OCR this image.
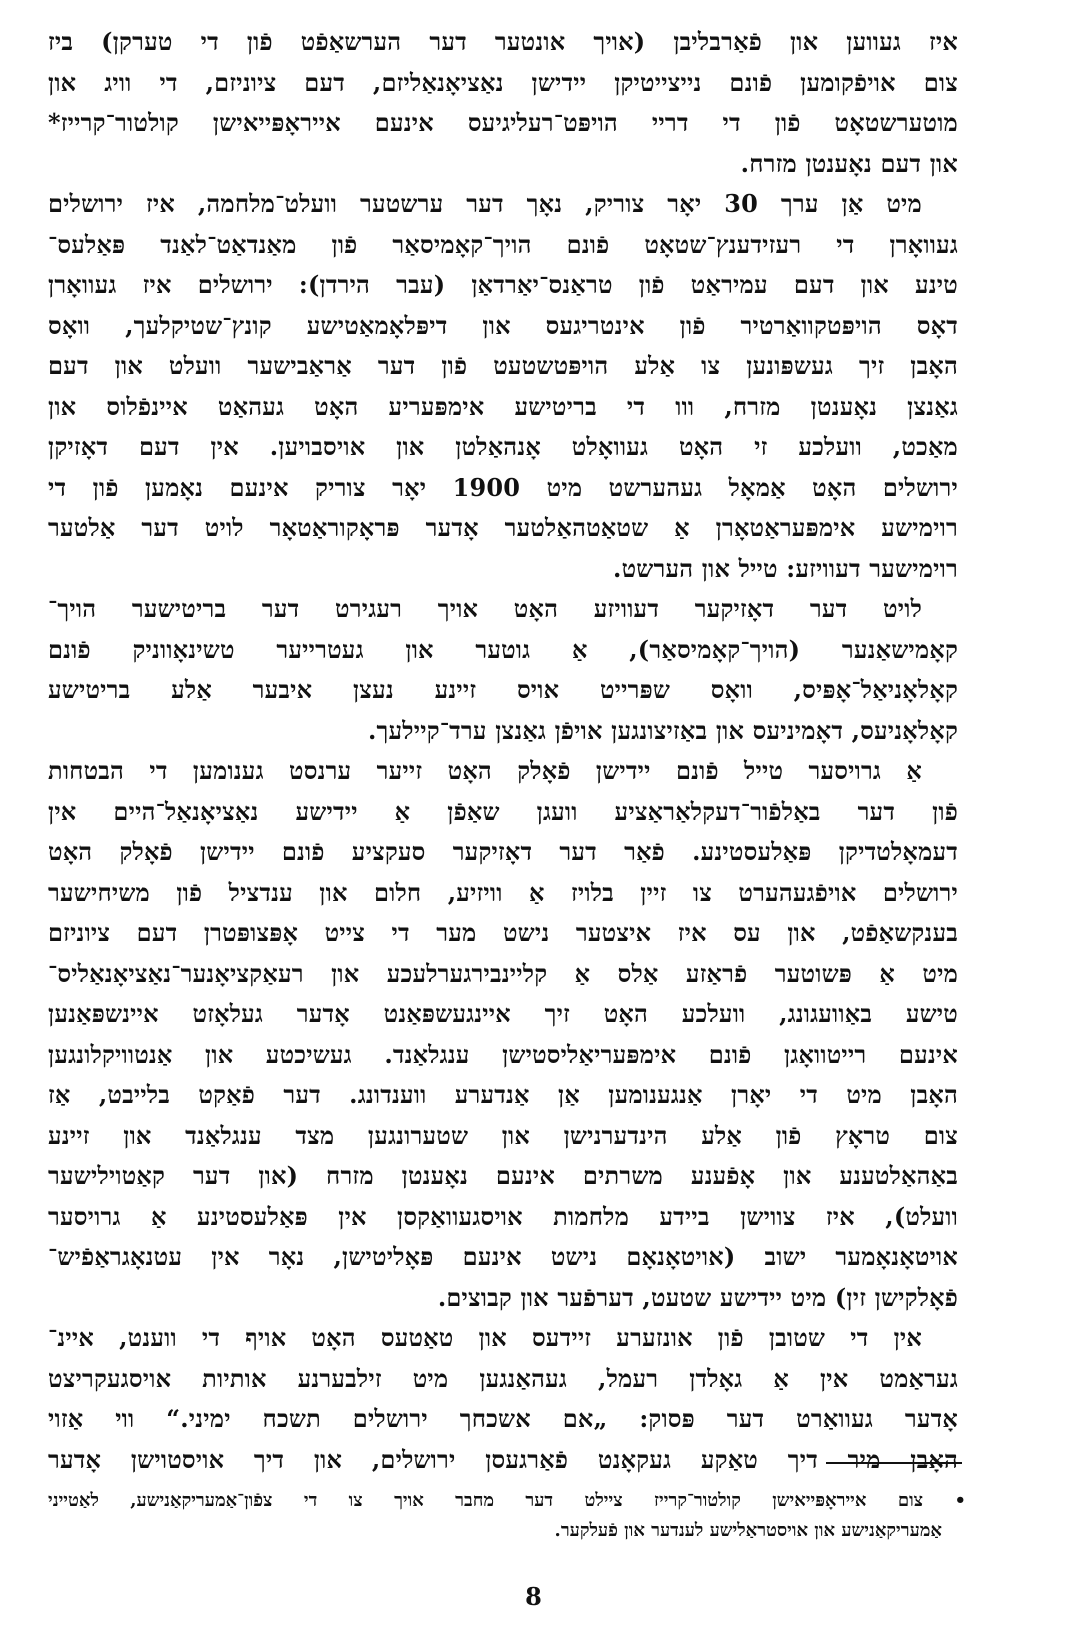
איז געווען און פֿאַרבליבן (אויך אונטער דער הערשאַפֿט פֿון די טערקן) ביז
צום אויפֿקומען פֿונם נייצייטיקן יידישן נאַציאָנאַליזם, דעם ציוניזם, די וויג און
מוטערשטאָט פֿון די דריי הויפּט־רעליגיעס אינעם אייראָפּייאישן קולטור־קרייז*
און דעם נאָענטן מזרח.
מיט אַן ערך 30 יאָר צוריק, נאָך דער ערשטער וועלט־מלחמה, איז ירושלים
געוואָרן די רעזידענץ־שטאָט פֿונם הויך־קאָמיסאַר פֿון מאַנדאַט־לאַנד פּאַלעס־
טינע און דעם עמיראַט פֿון טראַנס־יאַרדאַן (עבר הירדן): ירושלים איז געוואָרן
דאָס הויפּטקוואַרטיר פֿון אינטריגעס און דיפּלאָמאַטישע קונץ־שטיקלעך, וואָס
האָבן זיך געשפּונען צו אַלע הויפּטשטעט פֿון דער אַראַבישער וועלט און דעם
גאַנצן נאָענטן מזרח, ווו די בריטישע אימפּעריע האָט געהאַט איינפֿלוס און
מאַכט, וועלכע זי האָט געוואָלט אָנהאַלטן און אויסבויען. אין דעם דאָזיקן
ירושלים האָט אַמאָל געהערשט מיט 1900 יאָר צוריק אינעם נאָמען פֿון די
רוימישע אימפּעראַטאָרן אַ שטאַטהאַלטער אָדער פּראָקוראַטאָר לויט דער אַלטער
רוימישער דעוויזע: טייל און הערשט.
לויט דער דאָזיקער דעוויזע האָט אויך רעגירט דער בריטישער הויך־
קאָמישאַנער (הויך־קאָמיסאַר), אַ גוטער און געטרייער טשינאָווניק פֿונם
קאָלאָניאַל־אָפּיס, וואָס שפּרייט אויס זיינע נעצן איבער אַלע בריטישע
קאָלאָניעס, דאָמיניעס און באַזיצונגען אויפֿן גאַנצן ערד־קיילעך.
אַ גרויסער טייל פֿונם יידישן פֿאָלק האָט זייער ערנסט גענומען די הבטחות
פֿון דער באַלפֿור־דעקלאַראַציע וועגן שאַפֿן אַ יידישע נאַציאָנאַל־היים אין
דעמאָלטדיקן פּאַלעסטינע. פֿאַר דער דאָזיקער סעקציע פֿונם יידישן פֿאָלק האָט
ירושלים אויפֿגעהערט צו זיין בלויז אַ וויזיע, חלום און ענדציל פֿון משיחישער
בענקשאַפֿט, און עס איז איצטער נישט מער די צייט אָפּצופּטרן דעם ציוניזם
מיט אַ פּשוטער פֿראַזע אַלס אַ קליינבירגערלעכע און רעאַקציאָנער־נאַציאָנאַליס־
טישע באַוועגונג, וועלכע האָט זיך איינגעשפּאַנט אָדער געלאָזט איינשפּאַנען
אינעם רייטוואָגן פֿונם אימפּעריאַליסטישן ענגלאַנד. געשיכטע און אַנטוויקלונגען
האָבן מיט די יאָרן אַנגענומען אַן אַנדערע ווענדונג. דער פֿאַקט בלייבט, אַז
צום טראָץ פֿון אַלע הינדערנישן און שטערונגען מצד ענגלאַנד און זיינע
באַהאַלטענע און אָפֿענע משרתים אינעם נאָענטן מזרח (און דער קאַטוילישער
וועלט), איז צווישן ביידע מלחמות אויסגעוואַקסן אין פּאַלעסטינע אַ גרויסער
אויטאָנאָמער ישוב (אויטאָנאָם נישט אינעם פּאָליטישן, נאָר אין עטנאָגראַפֿיש־
פֿאָלקישן זין) מיט יידישע שטעט, דערפֿער און קבוצים.
אין די שטובן פֿון אונזערע זיידעס און טאַטעס האָט אויף די ווענט, איינ־
געראַמט אין אַ גאָלדן רעמל, געהאַנגען מיט זילבערנע אותיות אויסגעקריצט
אָדער געוואַרט דער פּסוק: „אם אשכחך ירושלים תשכח ימיני.“ ווי אַזוי
האָבן מיר דיך טאַקע געקאָנט פֿאַרגעסן ירושלים, און דיך אויסטוישן אָדער
• צום אייראָפּייאישן קולטור־קרייז ציילט דער מחבר אויך צו די צפֿון־אַמעריקאַנישע, לאַטייני
אַמעריקאַנישע און אויסטראַלישע לענדער און פֿעלקער.
8
